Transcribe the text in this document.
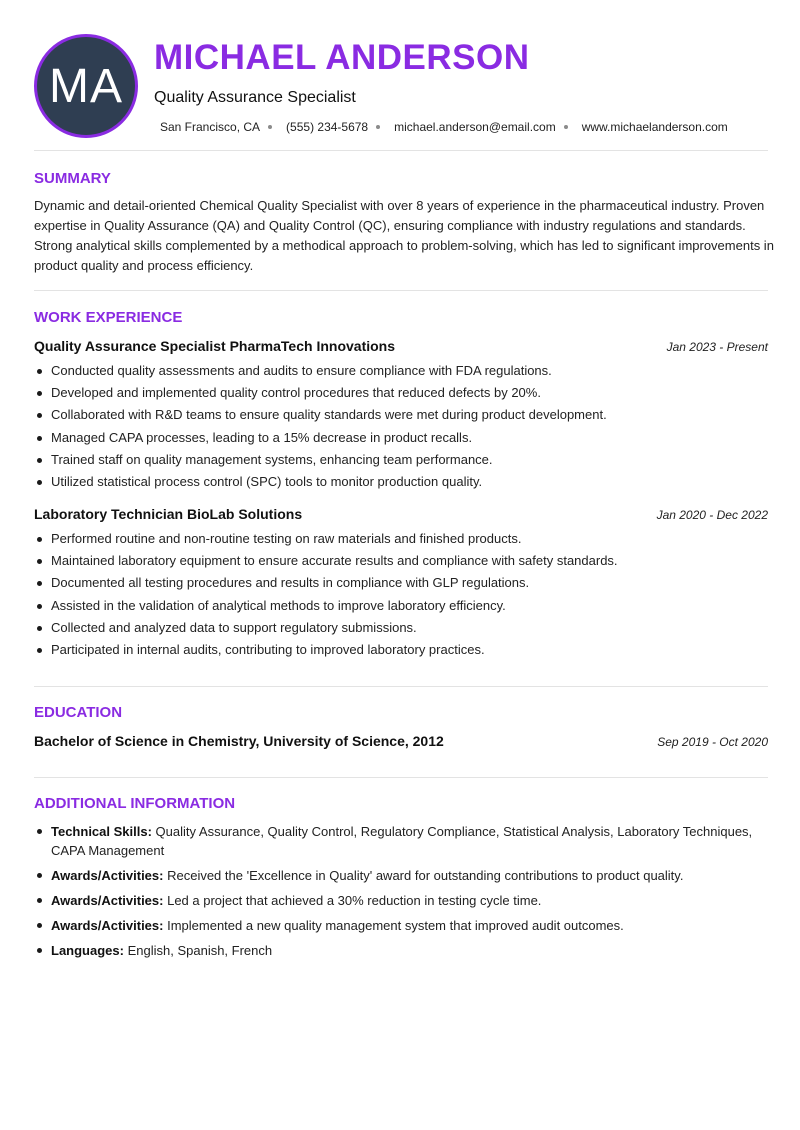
MA
MICHAEL ANDERSON
Quality Assurance Specialist
San Francisco, CA (555) 234-5678 michael.anderson@email.com www.michaelanderson.com
SUMMARY
Dynamic and detail-oriented Chemical Quality Specialist with over 8 years of experience in the pharmaceutical industry. Proven expertise in Quality Assurance (QA) and Quality Control (QC), ensuring compliance with industry regulations and standards. Strong analytical skills complemented by a methodical approach to problem-solving, which has led to significant improvements in product quality and process efficiency.
WORK EXPERIENCE
Quality Assurance Specialist PharmaTech Innovations	Jan 2023 - Present
Conducted quality assessments and audits to ensure compliance with FDA regulations.
Developed and implemented quality control procedures that reduced defects by 20%.
Collaborated with R&D teams to ensure quality standards were met during product development.
Managed CAPA processes, leading to a 15% decrease in product recalls.
Trained staff on quality management systems, enhancing team performance.
Utilized statistical process control (SPC) tools to monitor production quality.
Laboratory Technician BioLab Solutions	Jan 2020 - Dec 2022
Performed routine and non-routine testing on raw materials and finished products.
Maintained laboratory equipment to ensure accurate results and compliance with safety standards.
Documented all testing procedures and results in compliance with GLP regulations.
Assisted in the validation of analytical methods to improve laboratory efficiency.
Collected and analyzed data to support regulatory submissions.
Participated in internal audits, contributing to improved laboratory practices.
EDUCATION
Bachelor of Science in Chemistry, University of Science, 2012	Sep 2019 - Oct 2020
ADDITIONAL INFORMATION
Technical Skills: Quality Assurance, Quality Control, Regulatory Compliance, Statistical Analysis, Laboratory Techniques, CAPA Management
Awards/Activities: Received the 'Excellence in Quality' award for outstanding contributions to product quality.
Awards/Activities: Led a project that achieved a 30% reduction in testing cycle time.
Awards/Activities: Implemented a new quality management system that improved audit outcomes.
Languages: English, Spanish, French
